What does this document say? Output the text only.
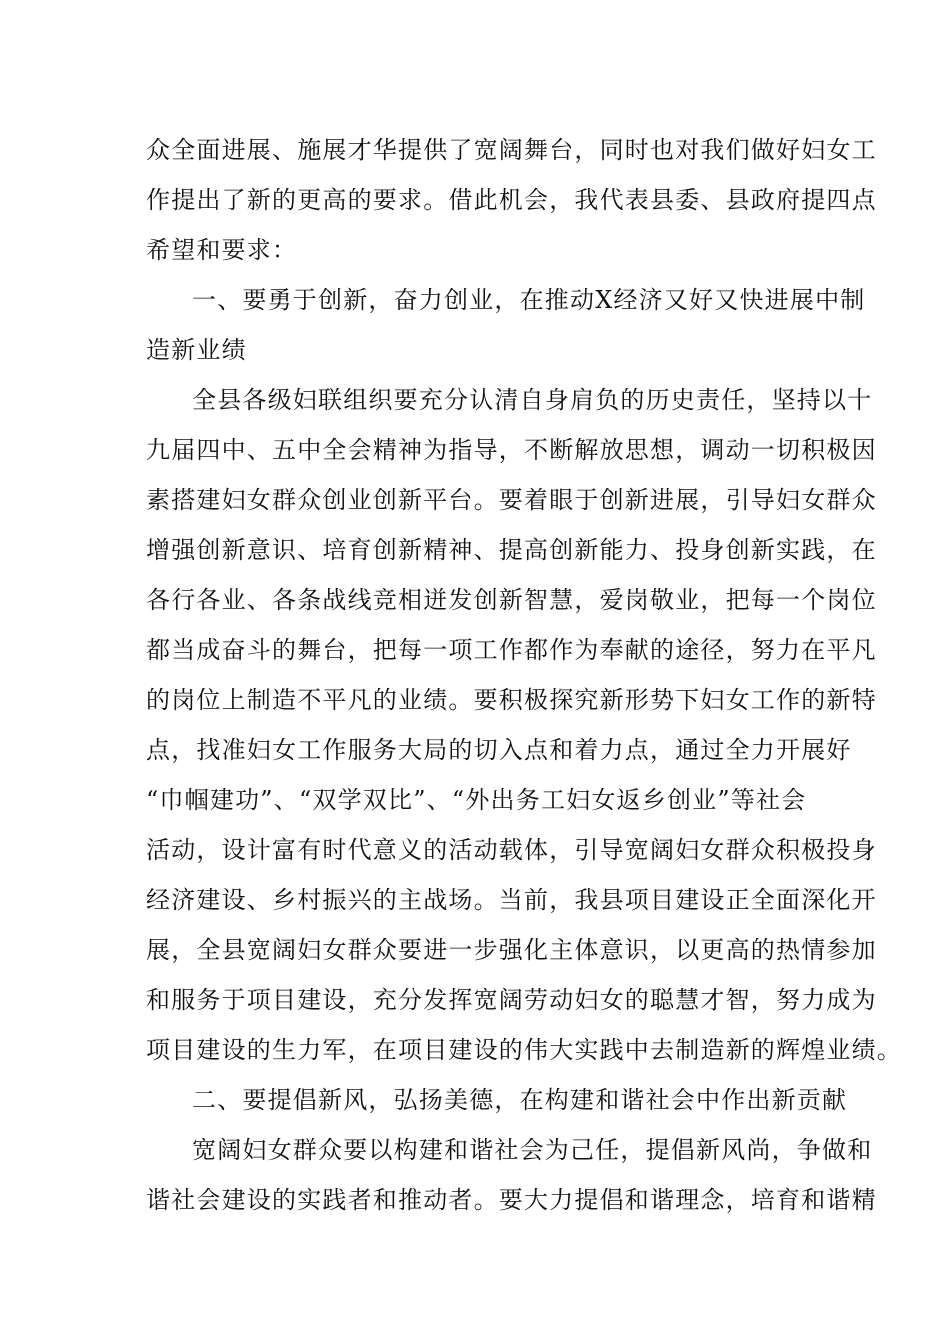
众全面进展、施展才华提供了宽阔舞台，同时也对我们做好妇女工
作提出了新的更高的要求。借此机会，我代表县委、县政府提四点
希望和要求：
一、要勇于创新，奋力创业，在推动X经济又好又快进展中制
造新业绩
全县各级妇联组织要充分认清自身肩负的历史责任，坚持以十
九届四中、五中全会精神为指导，不断解放思想，调动一切积极因
素搭建妇女群众创业创新平台。要着眼于创新进展，引导妇女群众
增强创新意识、培育创新精神、提高创新能力、投身创新实践，在
各行各业、各条战线竞相迸发创新智慧，爱岗敬业，把每一个岗位
都当成奋斗的舞台，把每一项工作都作为奉献的途径，努力在平凡
的岗位上制造不平凡的业绩。要积极探究新形势下妇女工作的新特
点，找准妇女工作服务大局的切入点和着力点，通过全力开展好
“巾帼建功”、“双学双比”、“外出务工妇女返乡创业”等社会
活动，设计富有时代意义的活动载体，引导宽阔妇女群众积极投身
经济建设、乡村振兴的主战场。当前，我县项目建设正全面深化开
展，全县宽阔妇女群众要进一步强化主体意识，以更高的热情参加
和服务于项目建设，充分发挥宽阔劳动妇女的聪慧才智，努力成为
项目建设的生力军，在项目建设的伟大实践中去制造新的辉煌业绩。
二、要提倡新风，弘扬美德，在构建和谐社会中作出新贡献
宽阔妇女群众要以构建和谐社会为己任，提倡新风尚，争做和
谐社会建设的实践者和推动者。要大力提倡和谐理念，培育和谐精
